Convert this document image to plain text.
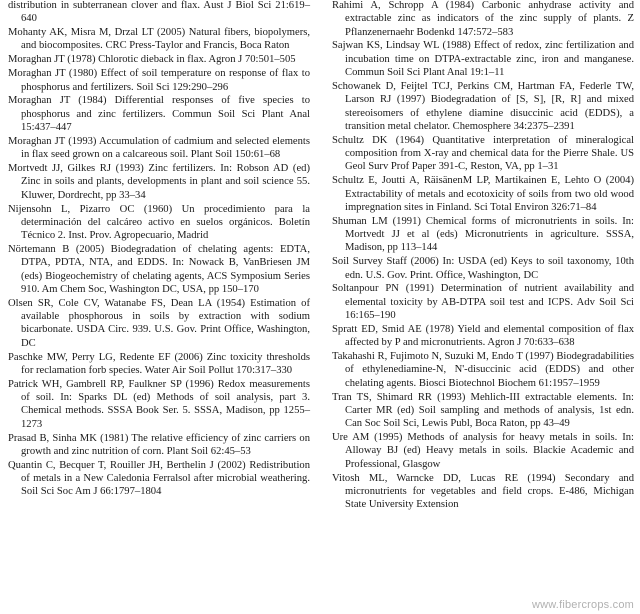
distribution in subterranean clover and flax. Aust J Biol Sci 21:619–640

Mohanty AK, Misra M, Drzal LT (2005) Natural fibers, biopolymers, and biocomposites. CRC Press-Taylor and Francis, Boca Raton

Moraghan JT (1978) Chlorotic dieback in flax. Agron J 70:501–505

Moraghan JT (1980) Effect of soil temperature on response of flax to phosphorus and fertilizers. Soil Sci 129:290–296

Moraghan JT (1984) Differential responses of five species to phosphorus and zinc fertilizers. Commun Soil Sci Plant Anal 15:437–447

Moraghan JT (1993) Accumulation of cadmium and selected elements in flax seed grown on a calcareous soil. Plant Soil 150:61–68

Mortvedt JJ, Gilkes RJ (1993) Zinc fertilizers. In: Robson AD (ed) Zinc in soils and plants, developments in plant and soil science 55. Kluwer, Dordrecht, pp 33–34

Nijensohn L, Pizarro OC (1960) Un procedimiento para la determinación del calcáreo activo en suelos orgánicos. Boletín Técnico 2. Inst. Prov. Agropecuario, Madrid

Nörtemann B (2005) Biodegradation of chelating agents: EDTA, DTPA, PDTA, NTA, and EDDS. In: Nowack B, VanBriesen JM (eds) Biogeochemistry of chelating agents, ACS Symposium Series 910. Am Chem Soc, Washington DC, USA, pp 150–170

Olsen SR, Cole CV, Watanabe FS, Dean LA (1954) Estimation of available phosphorous in soils by extraction with sodium bicarbonate. USDA Circ. 939. U.S. Gov. Print Office, Washington, DC

Paschke MW, Perry LG, Redente EF (2006) Zinc toxicity thresholds for reclamation forb species. Water Air Soil Pollut 170:317–330

Patrick WH, Gambrell RP, Faulkner SP (1996) Redox measurements of soil. In: Sparks DL (ed) Methods of soil analysis, part 3. Chemical methods. SSSA Book Ser. 5. SSSA, Madison, pp 1255–1273

Prasad B, Sinha MK (1981) The relative efficiency of zinc carriers on growth and zinc nutrition of corn. Plant Soil 62:45–53

Quantin C, Becquer T, Rouiller JH, Berthelin J (2002) Redistribution of metals in a New Caledonia Ferralsol after microbial weathering. Soil Sci Soc Am J 66:1797–1804

Rahimi A, Schropp A (1984) Carbonic anhydrase activity and extractable zinc as indicators of the zinc supply of plants. Z Pflanzenernaehr Bodenkd 147:572–583

Sajwan KS, Lindsay WL (1988) Effect of redox, zinc fertilization and incubation time on DTPA-extractable zinc, iron and manganese. Commun Soil Sci Plant Anal 19:1–11

Schowanek D, Feijtel TCJ, Perkins CM, Hartman FA, Federle TW, Larson RJ (1997) Biodegradation of [S, S], [R, R] and mixed stereoisomers of ethylene diamine disuccinic acid (EDDS), a transition metal chelator. Chemosphere 34:2375–2391

Schultz DK (1964) Quantitative interpretation of mineralogical composition from X-ray and chemical data for the Pierre Shale. US Geol Surv Prof Paper 391-C, Reston, VA, pp 1–31

Schultz E, Joutti A, RäisänenM LP, Martikainen E, Lehto O (2004) Extractability of metals and ecotoxicity of soils from two old wood impregnation sites in Finland. Sci Total Environ 326:71–84

Shuman LM (1991) Chemical forms of micronutrients in soils. In: Mortvedt JJ et al (eds) Micronutrients in agriculture. SSSA, Madison, pp 113–144

Soil Survey Staff (2006) In: USDA (ed) Keys to soil taxonomy, 10th edn. U.S. Gov. Print. Office, Washington, DC

Soltanpour PN (1991) Determination of nutrient availability and elemental toxicity by AB-DTPA soil test and ICPS. Adv Soil Sci 16:165–190

Spratt ED, Smid AE (1978) Yield and elemental composition of flax affected by P and micronutrients. Agron J 70:633–638

Takahashi R, Fujimoto N, Suzuki M, Endo T (1997) Biodegradabilities of ethylenediamine-N, N'-disuccinic acid (EDDS) and other chelating agents. Biosci Biotechnol Biochem 61:1957–1959

Tran TS, Shimard RR (1993) Mehlich-III extractable elements. In: Carter MR (ed) Soil sampling and methods of analysis, 1st edn. Can Soc Soil Sci, Lewis Publ, Boca Raton, pp 43–49

Ure AM (1995) Methods of analysis for heavy metals in soils. In: Alloway BJ (ed) Heavy metals in soils. Blackie Academic and Professional, Glasgow

Vitosh ML, Warncke DD, Lucas RE (1994) Secondary and micronutrients for vegetables and field crops. E-486, Michigan State University Extension

www.fibercrops.com
